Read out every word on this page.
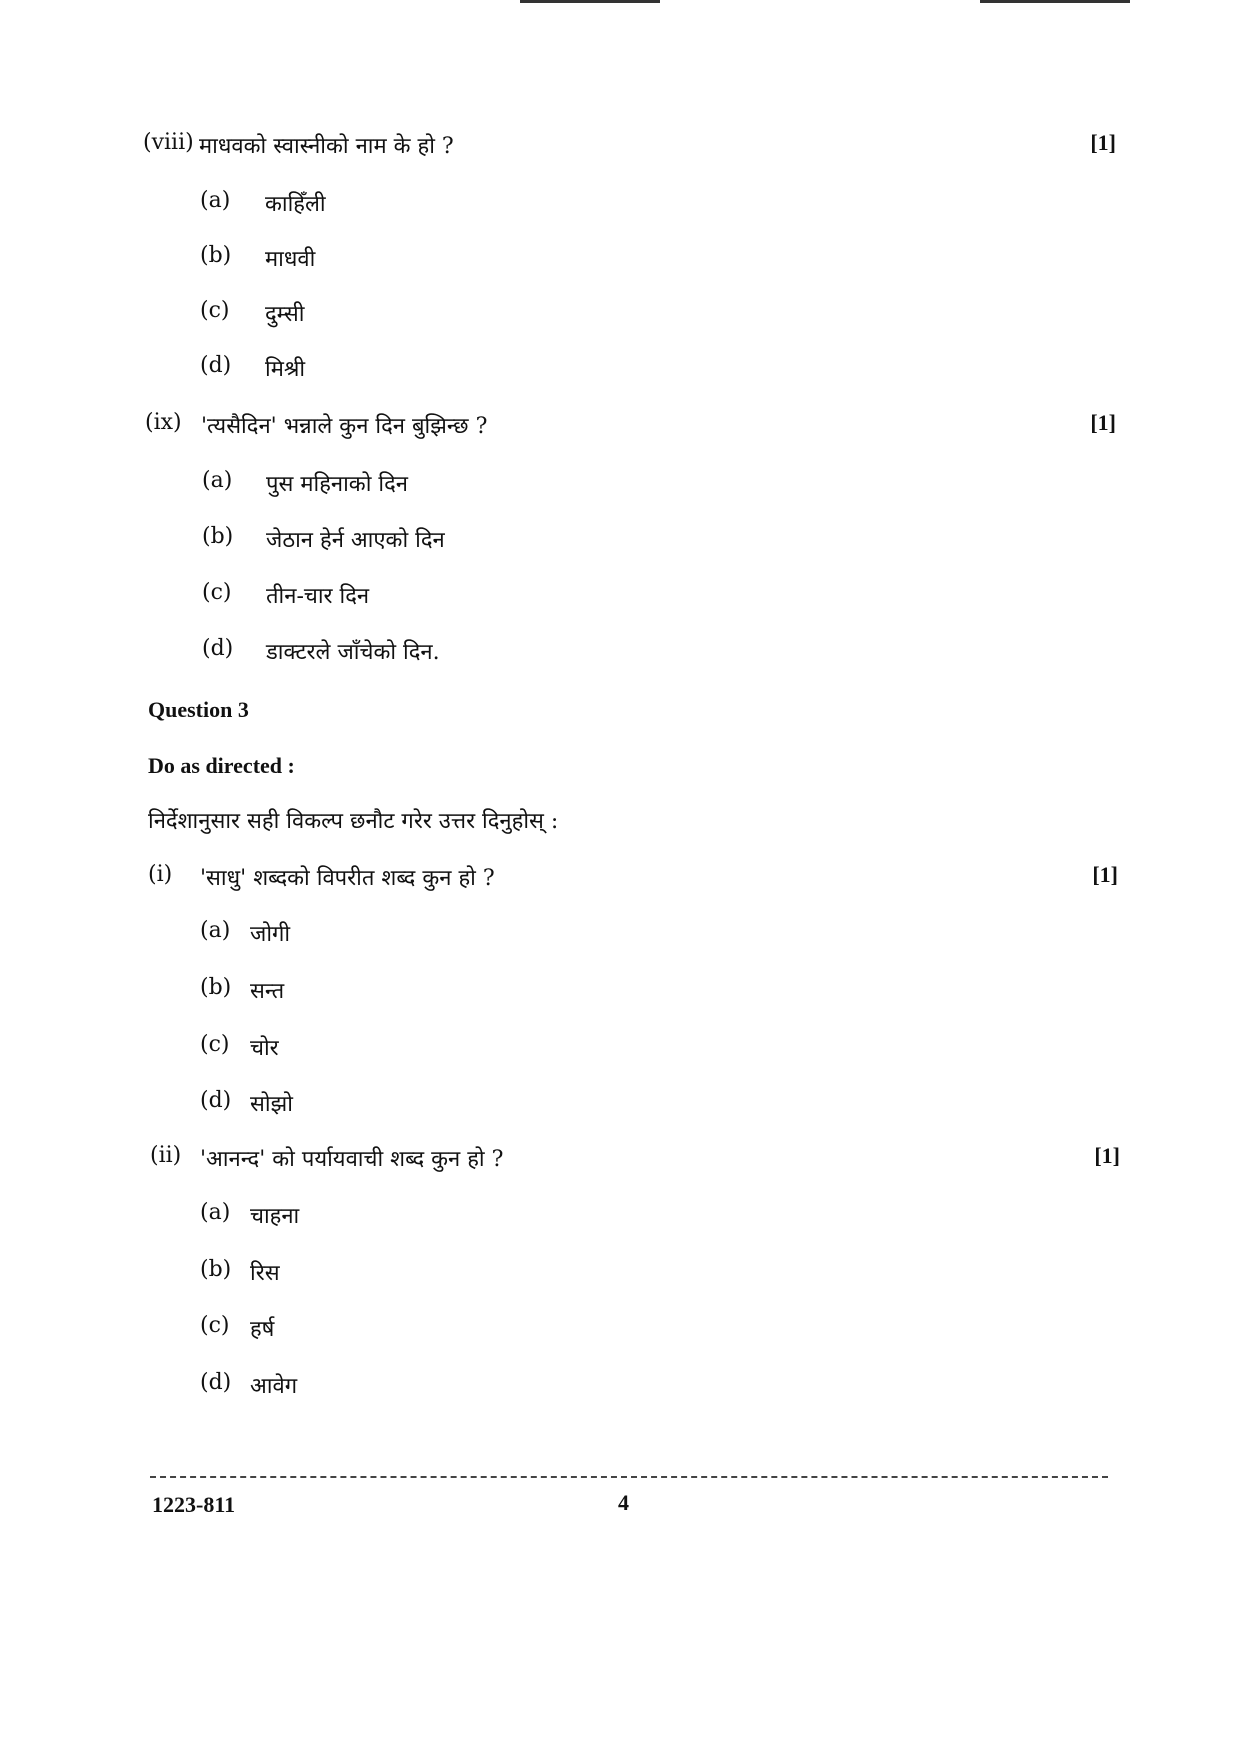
(viii) माधवको स्वास्नीको नाम के हो ?	[1]
(a) काहिँली
(b) माधवी
(c) दुम्सी
(d) मिश्री
(ix) 'त्यसैदिन' भन्नाले कुन दिन बुझिन्छ ?	[1]
(a) पुस महिनाको दिन
(b) जेठान हेर्न आएको दिन
(c) तीन-चार दिन
(d) डाक्टरले जाँचेको दिन.
Question 3
Do as directed :
निर्देशानुसार सही विकल्प छनौट गरेर उत्तर दिनुहोस् :
(i) 'साधु' शब्दको विपरीत शब्द कुन हो ?	[1]
(a) जोगी
(b) सन्त
(c) चोर
(d) सोझो
(ii) 'आनन्द' को पर्यायवाची शब्द कुन हो ?	[1]
(a) चाहना
(b) रिस
(c) हर्ष
(d) आवेग
1223-811	4
